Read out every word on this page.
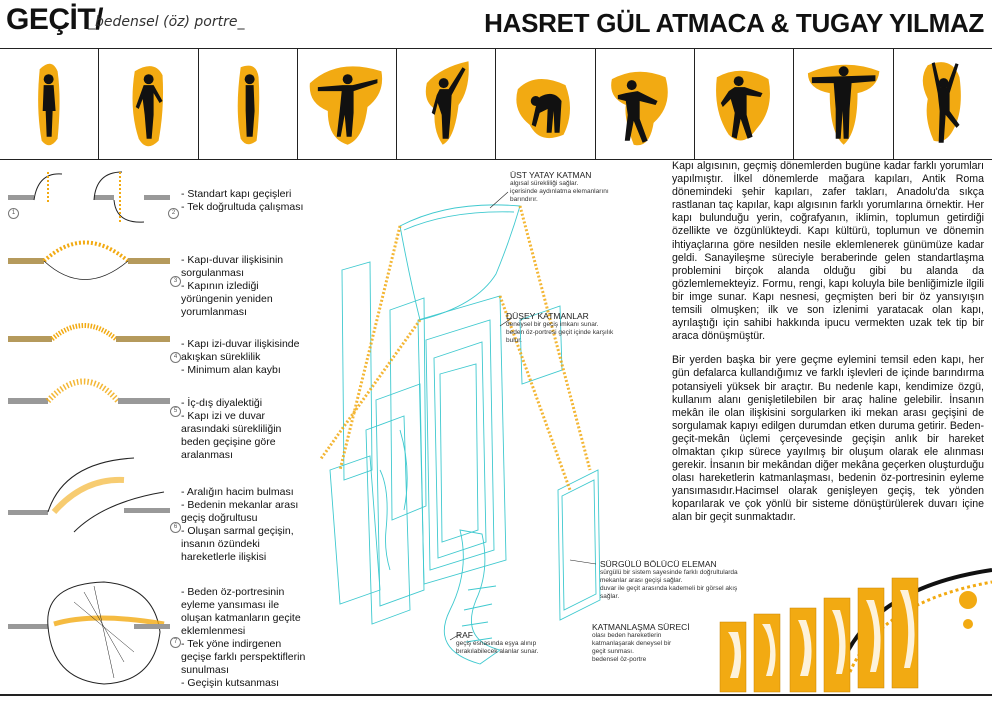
GEÇİT/
_bedensel (öz) portre_	HASRET GÜL ATMACA & TUGAY YILMAZ
1	2
3
4
5
6
7
- Standart kapı geçişleri
- Tek doğrultuda çalışması
- Kapı-duvar ilişkisinin
sorgulanması
- Kapının izlediği
yörüngenin yeniden
yorumlanması
- Kapı izi-duvar ilişkisinde
akışkan süreklilik
- Minimum alan kaybı
- İç-dış diyalektiği
- Kapı izi ve duvar
arasındaki sürekliliğin
beden geçişine göre
aralanması
- Aralığın hacim bulması
- Bedenin mekanlar arası
geçiş doğrultusu
- Oluşan sarmal geçişin,
insanın özündeki
hareketlerle ilişkisi
- Beden öz-portresinin
eyleme yansıması ile
oluşan katmanların geçite
eklemlenmesi
- Tek yöne indirgenen
geçişe farklı perspektiflerin
sunulması
- Geçişin kutsanması
ÜST YATAY KATMAN
algısal sürekliliği sağlar.
içerisinde aydınlatma elemanlarını
barındırır.
DÜŞEY KATMANLAR
deneysel bir geçiş imkanı sunar.
beden öz-portresi geçit içinde karşılık
bulur.
SÜRGÜLÜ BÖLÜCÜ ELEMAN
sürgülü bir sistem sayesinde farklı doğrultularda
mekanlar arası geçişi sağlar.
duvar ile geçit arasında kademeli bir görsel akış
sağlar.
RAF
geçiş esnasında eşya alınıp
bırakılabilecek alanlar sunar.
KATMANLAŞMA SÜRECİ
olası beden hareketlerin
katmanlaşarak deneysel bir
geçit sunması.
bedensel öz-portre

Kapı algısının, geçmiş dönemlerden bugüne kadar farklı yorumları yapılmıştır. İlkel dönemlerde mağara kapıları, Antik Roma dönemindeki şehir kapıları, zafer takları, Anadolu'da sıkça rastlanan taç kapılar, kapı algısının farklı yorumlarına örnektir. Her kapı bulunduğu yerin, coğrafyanın, iklimin, toplumun getirdiği özellikte ve özgünlükteydi. Kapı kültürü, toplumun ve dönemin ihtiyaçlarına göre nesilden nesile eklemlenerek günümüze kadar geldi. Sanayileşme süreciyle beraberinde gelen standartlaşma problemini birçok alanda olduğu gibi bu alanda da gözlemlemekteyiz. Formu, rengi, kapı koluyla bile benliğimizle ilgili bir imge sunar. Kapı nesnesi, geçmişten beri bir öz yansıyışın temsili olmuşken; ilk ve son izlenimi yaratacak olan kapı, ayrılaştığı için sahibi hakkında ipucu vermekten uzak tek tip bir araca dönüşmüştür.

Bir yerden başka bir yere geçme eylemini temsil eden kapı, her gün defalarca kullandığımız ve farklı işlevleri de içinde barındırma potansiyeli yüksek bir araçtır. Bu nedenle kapı, kendimize özgü, kullanım alanı genişletilebilen bir araç haline gelebilir. İnsanın mekân ile olan ilişkisini sorgularken iki mekan arası geçişini de sorgulamak kapıyı edilgen durumdan etken duruma getirir. Beden-geçit-mekân üçlemi çerçevesinde geçişin anlık bir hareket olmaktan çıkıp sürece yayılmış bir oluşum olarak ele alınması gerekir. İnsanın bir mekândan diğer mekâna geçerken oluşturduğu olası hareketlerin katmanlaşması, bedenin öz-portresinin eyleme yansımasıdır.Hacimsel olarak genişleyen geçiş, tek yönden koparılarak ve çok yönlü bir sisteme dönüştürülerek duvarı içine alan bir geçit sunmaktadır.
